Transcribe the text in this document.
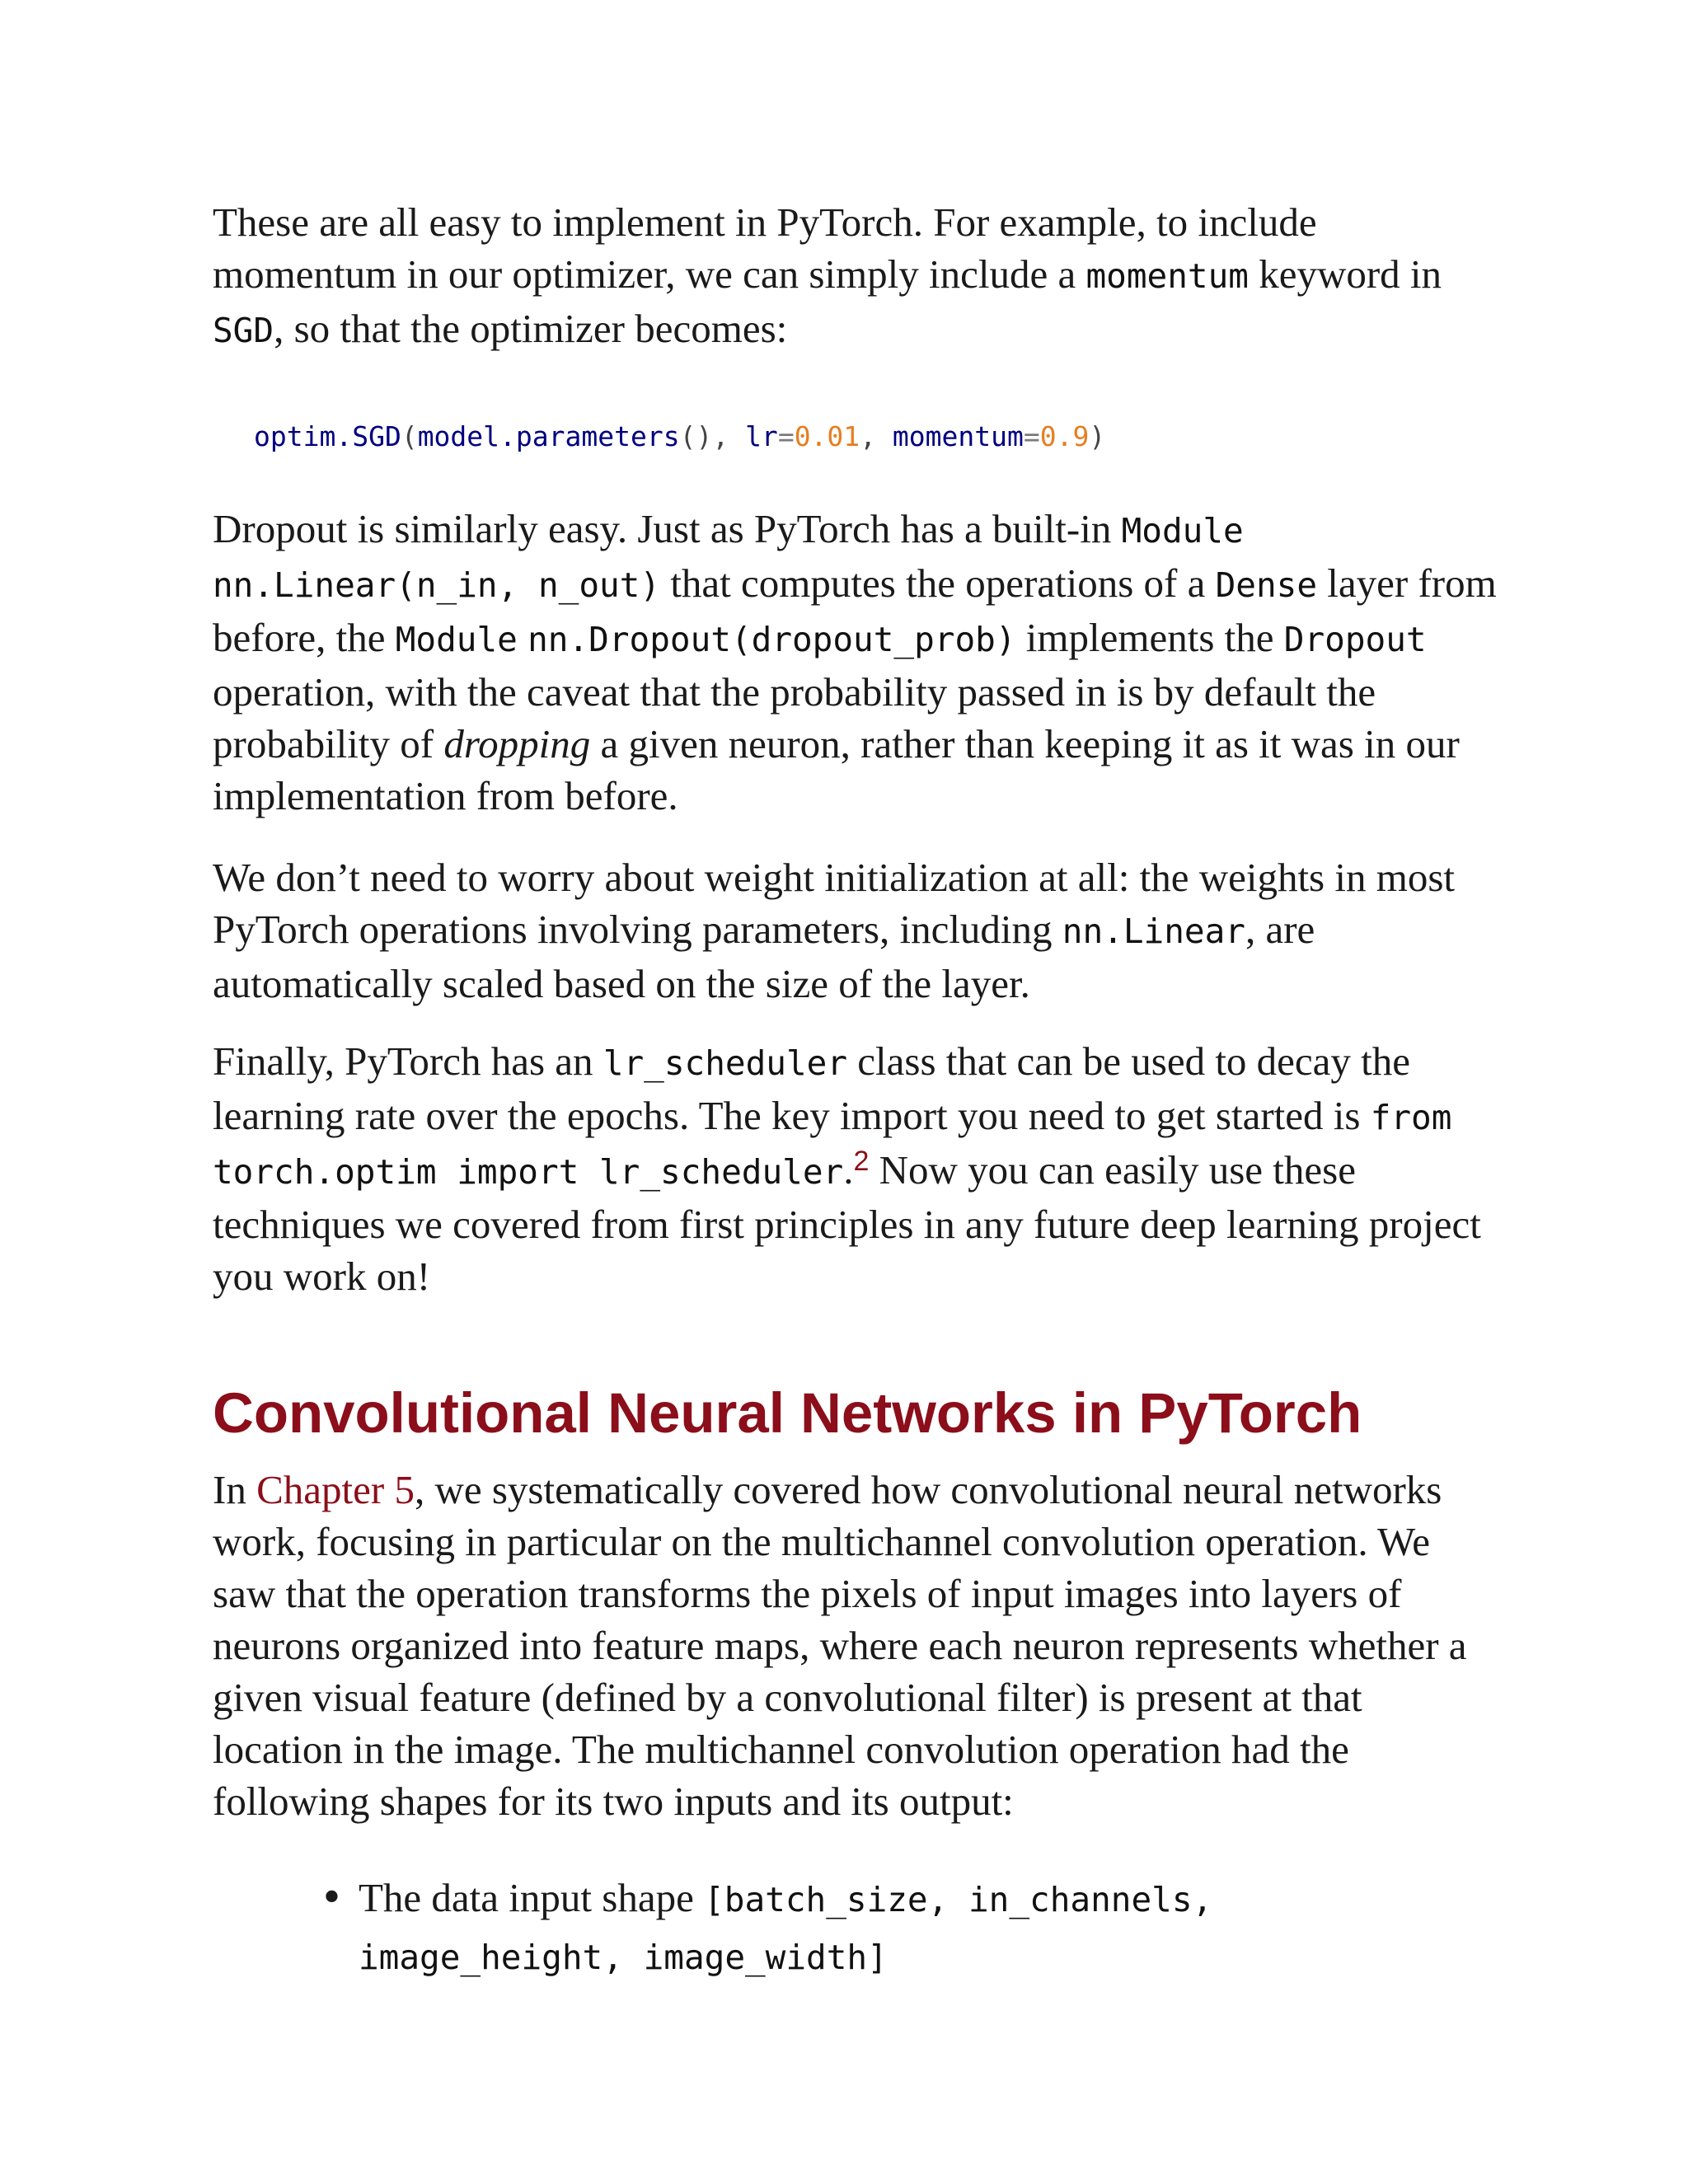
These are all easy to implement in PyTorch. For example, to include momentum in our optimizer, we can simply include a momentum keyword in SGD, so that the optimizer becomes:

optim.SGD(model.parameters(), lr=0.01, momentum=0.9)

Dropout is similarly easy. Just as PyTorch has a built-in Module
nn.Linear(n_in, n_out) that computes the operations of a Dense layer from before, the Module nn.Dropout(dropout_prob) implements the Dropout operation, with the caveat that the probability passed in is by default the probability of dropping a given neuron, rather than keeping it as it was in our implementation from before.

We don’t need to worry about weight initialization at all: the weights in most PyTorch operations involving parameters, including nn.Linear, are automatically scaled based on the size of the layer.

Finally, PyTorch has an lr_scheduler class that can be used to decay the learning rate over the epochs. The key import you need to get started is from torch.optim import lr_scheduler.$^2$ Now you can easily use these techniques we covered from first principles in any future deep learning project you work on!

Convolutional Neural Networks in PyTorch

In Chapter 5, we systematically covered how convolutional neural networks work, focusing in particular on the multichannel convolution operation. We saw that the operation transforms the pixels of input images into layers of neurons organized into feature maps, where each neuron represents whether a given visual feature (defined by a convolutional filter) is present at that location in the image. The multichannel convolution operation had the following shapes for its two inputs and its output:

• The data input shape [batch_size, in_channels,
image_height, image_width]
